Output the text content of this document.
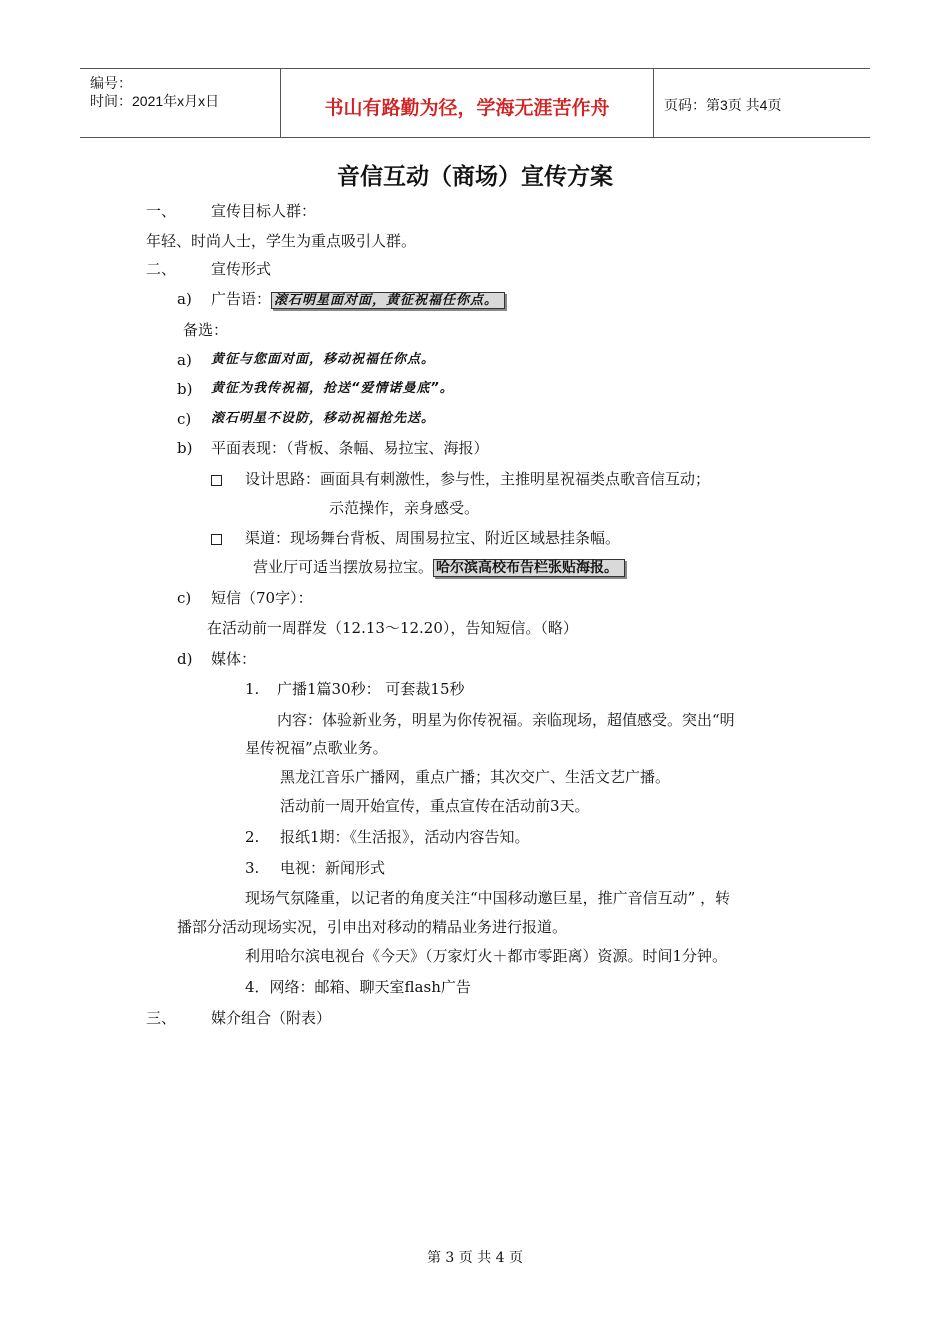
编号：
时间：2021年x月x日	书山有路勤为径，学海无涯苦作舟	页码：第3页 共4页
音信互动（商场）宣传方案
一、 宣传目标人群：
年轻、时尚人士，学生为重点吸引人群。
二、 宣传形式
a) 广告语： 滚石明星面对面，黄征祝福任你点。
备选：
a) 黄征与您面对面，移动祝福任你点。
b) 黄征为我传祝福，抢送“爱情诺曼底”。
c) 滚石明星不设防，移动祝福抢先送。
b) 平面表现：（背板、条幅、易拉宝、海报）
设计思路：画面具有刺激性，参与性，主推明星祝福类点歌音信互动；
示范操作，亲身感受。
渠道：现场舞台背板、周围易拉宝、附近区域悬挂条幅。
营业厅可适当摆放易拉宝。 哈尔滨高校布告栏张贴海报。
c) 短信（70字）：
在活动前一周群发（12.13～12.20），告知短信。（略）
d) 媒体：
1. 广播1篇30秒： 可套裁15秒
内容：体验新业务，明星为你传祝福。亲临现场，超值感受。突出“明
星传祝福”点歌业务。
黑龙江音乐广播网，重点广播；其次交广、生活文艺广播。
活动前一周开始宣传，重点宣传在活动前3天。
2. 报纸1期：《生活报》，活动内容告知。
3. 电视：新闻形式
现场气氛隆重，以记者的角度关注“中国移动邀巨星，推广音信互动” ，转
播部分活动现场实况，引申出对移动的精品业务进行报道。
利用哈尔滨电视台《今天》（万家灯火＋都市零距离）资源。时间1分钟。
4．网络：邮箱、聊天室flash广告
三、 媒介组合（附表）
第 3 页 共 4 页
